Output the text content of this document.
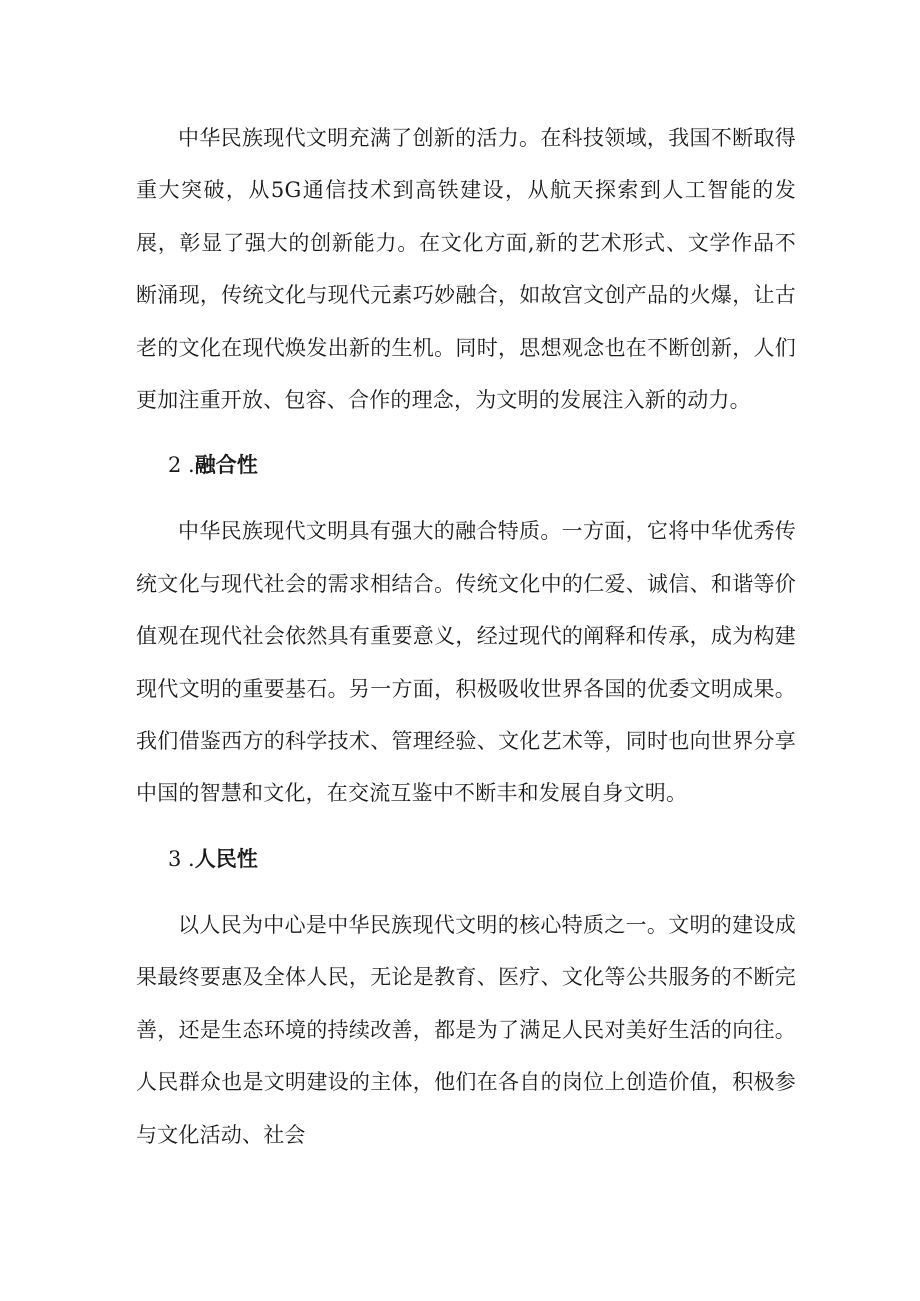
中华民族现代文明充满了创新的活力。在科技领域，我国不断取得重大突破，从5G通信技术到高铁建设，从航天探索到人工智能的发展，彰显了强大的创新能力。在文化方面,新的艺术形式、文学作品不断涌现，传统文化与现代元素巧妙融合，如故宫文创产品的火爆，让古老的文化在现代焕发出新的生机。同时，思想观念也在不断创新，人们更加注重开放、包容、合作的理念，为文明的发展注入新的动力。

2 .融合性

中华民族现代文明具有强大的融合特质。一方面，它将中华优秀传统文化与现代社会的需求相结合。传统文化中的仁爱、诚信、和谐等价值观在现代社会依然具有重要意义，经过现代的阐释和传承，成为构建现代文明的重要基石。另一方面，积极吸收世界各国的优委文明成果。我们借鉴西方的科学技术、管理经验、文化艺术等，同时也向世界分享中国的智慧和文化，在交流互鉴中不断丰和发展自身文明。

3 .人民性

以人民为中心是中华民族现代文明的核心特质之一。文明的建设成果最终要惠及全体人民，无论是教育、医疗、文化等公共服务的不断完善，还是生态环境的持续改善，都是为了满足人民对美好生活的向往。人民群众也是文明建设的主体，他们在各自的岗位上创造价值，积极参与文化活动、社会
